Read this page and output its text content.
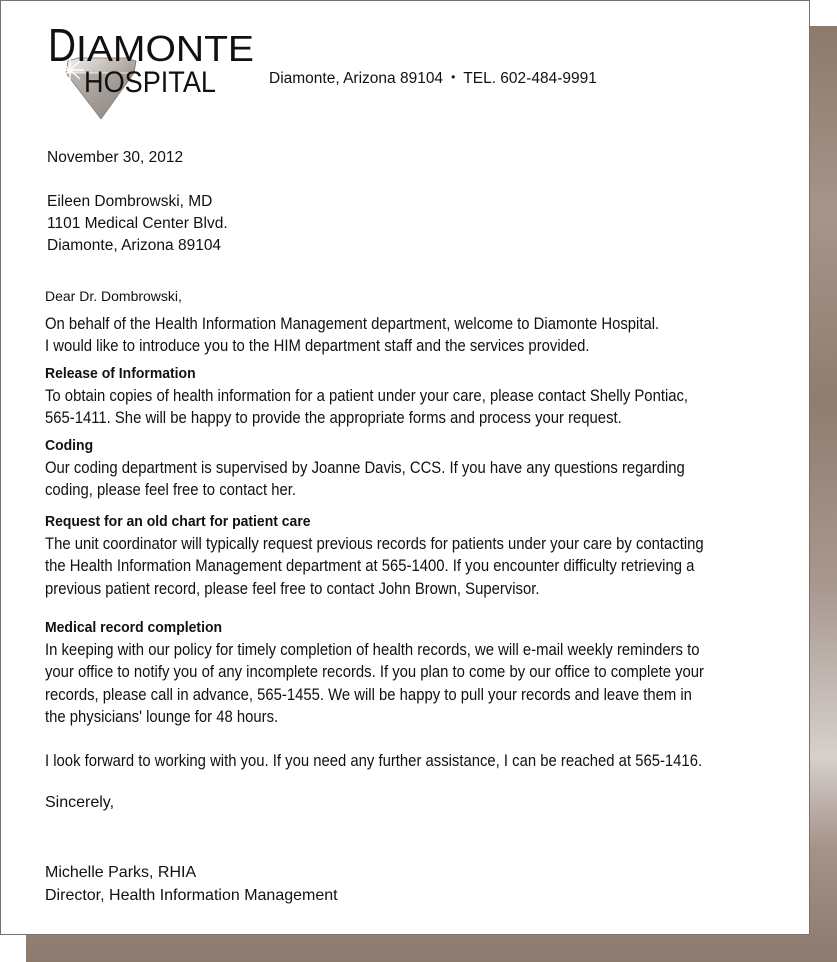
D IAMONTE
HOSPITAL	Diamonte, Arizona 89104 • TEL. 602-484-9991
November 30, 2012
Eileen Dombrowski, MD
1101 Medical Center Blvd.
Diamonte, Arizona 89104
Dear Dr. Dombrowski,
On behalf of the Health Information Management department, welcome to Diamonte Hospital.
I would like to introduce you to the HIM department staff and the services provided.
Release of Information
To obtain copies of health information for a patient under your care, please contact Shelly Pontiac,
565-1411. She will be happy to provide the appropriate forms and process your request.
Coding
Our coding department is supervised by Joanne Davis, CCS. If you have any questions regarding
coding, please feel free to contact her.
Request for an old chart for patient care
The unit coordinator will typically request previous records for patients under your care by contacting
the Health Information Management department at 565-1400. If you encounter difficulty retrieving a
previous patient record, please feel free to contact John Brown, Supervisor.
Medical record completion
In keeping with our policy for timely completion of health records, we will e-mail weekly reminders to
your office to notify you of any incomplete records. If you plan to come by our office to complete your
records, please call in advance, 565-1455. We will be happy to pull your records and leave them in
the physicians' lounge for 48 hours.
I look forward to working with you. If you need any further assistance, I can be reached at 565-1416.
Sincerely,
Michelle Parks, RHIA
Director, Health Information Management
